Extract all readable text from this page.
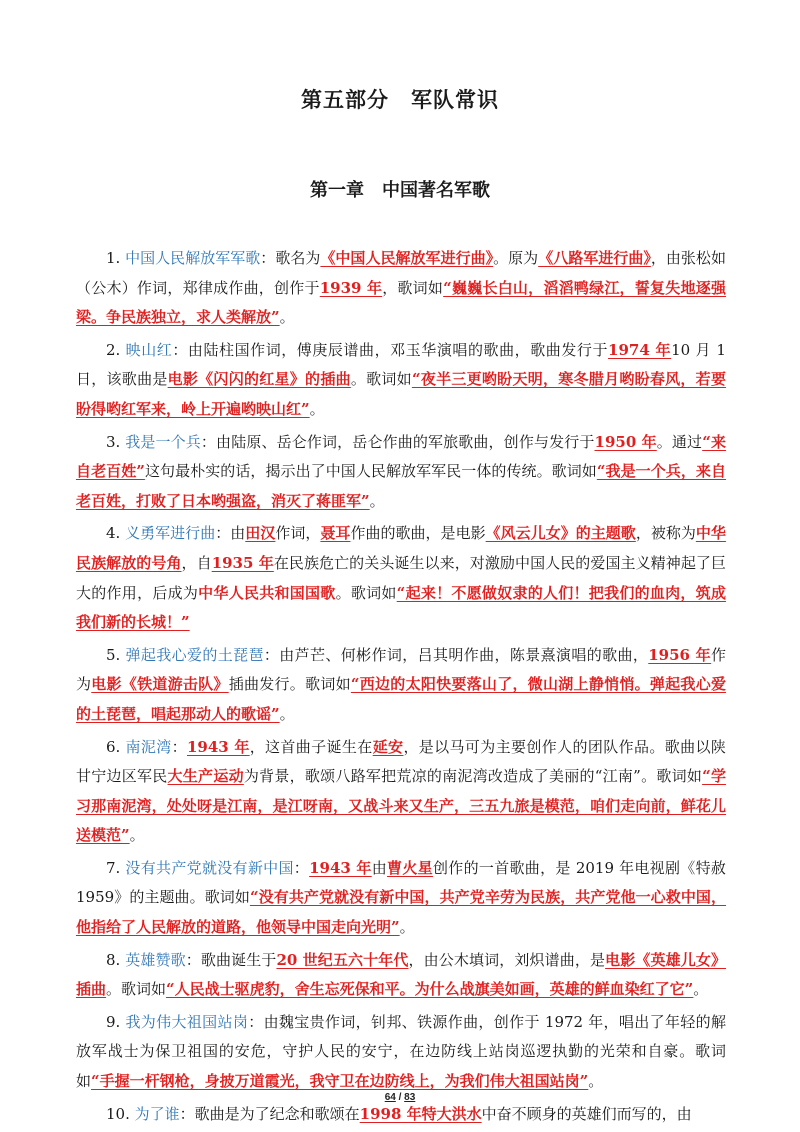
第五部分　军队常识
第一章　中国著名军歌

1. 中国人民解放军军歌：歌名为《中国人民解放军进行曲》。原为《八路军进行曲》，由张松如（公木）作词，郑律成作曲，创作于1939 年，歌词如“巍巍长白山，滔滔鸭绿江，誓复失地逐强梁。争民族独立，求人类解放”。

2. 映山红：由陆柱国作词，傅庚辰谱曲，邓玉华演唱的歌曲，歌曲发行于1974 年10 月 1 日，该歌曲是电影《闪闪的红星》的插曲。歌词如“夜半三更哟盼天明，寒冬腊月哟盼春风，若要盼得哟红军来，岭上开遍哟映山红”。

3. 我是一个兵：由陆原、岳仑作词，岳仑作曲的军旅歌曲，创作与发行于1950 年。通过“来自老百姓”这句最朴实的话，揭示出了中国人民解放军军民一体的传统。歌词如“我是一个兵，来自老百姓，打败了日本哟强盗，消灭了蒋匪军”。

4. 义勇军进行曲：由田汉作词，聂耳作曲的歌曲，是电影《风云儿女》的主题歌，被称为中华民族解放的号角，自1935 年在民族危亡的关头诞生以来，对激励中国人民的爱国主义精神起了巨大的作用，后成为中华人民共和国国歌。歌词如“起来！不愿做奴隶的人们！把我们的血肉，筑成我们新的长城！”

5. 弹起我心爱的土琵琶：由芦芒、何彬作词，吕其明作曲，陈景熹演唱的歌曲，1956 年作为电影《铁道游击队》插曲发行。歌词如“西边的太阳快要落山了，微山湖上静悄悄。弹起我心爱的土琵琶，唱起那动人的歌谣”。

6. 南泥湾：1943 年，这首曲子诞生在延安，是以马可为主要创作人的团队作品。歌曲以陕甘宁边区军民大生产运动为背景，歌颂八路军把荒凉的南泥湾改造成了美丽的“江南”。歌词如“学习那南泥湾，处处呀是江南，是江呀南，又战斗来又生产，三五九旅是模范，咱们走向前，鲜花儿送模范”。

7. 没有共产党就没有新中国：1943 年由曹火星创作的一首歌曲，是 2019 年电视剧《特赦 1959》的主题曲。歌词如“没有共产党就没有新中国，共产党辛劳为民族，共产党他一心救中国，他指给了人民解放的道路，他领导中国走向光明”。

8. 英雄赞歌：歌曲诞生于20 世纪五六十年代，由公木填词，刘炽谱曲，是电影《英雄儿女》插曲。歌词如“人民战士驱虎豹，舍生忘死保和平。为什么战旗美如画，英雄的鲜血染红了它”。

9. 我为伟大祖国站岗：由魏宝贵作词，钊邦、铁源作曲，创作于 1972 年，唱出了年轻的解放军战士为保卫祖国的安危，守护人民的安宁，在边防线上站岗巡逻执勤的光荣和自豪。歌词如“手握一杆钢枪，身披万道霞光，我守卫在边防线上，为我们伟大祖国站岗”。

10. 为了谁：歌曲是为了纪念和歌颂在1998 年特大洪水中奋不顾身的英雄们而写的，由

64 / 83
